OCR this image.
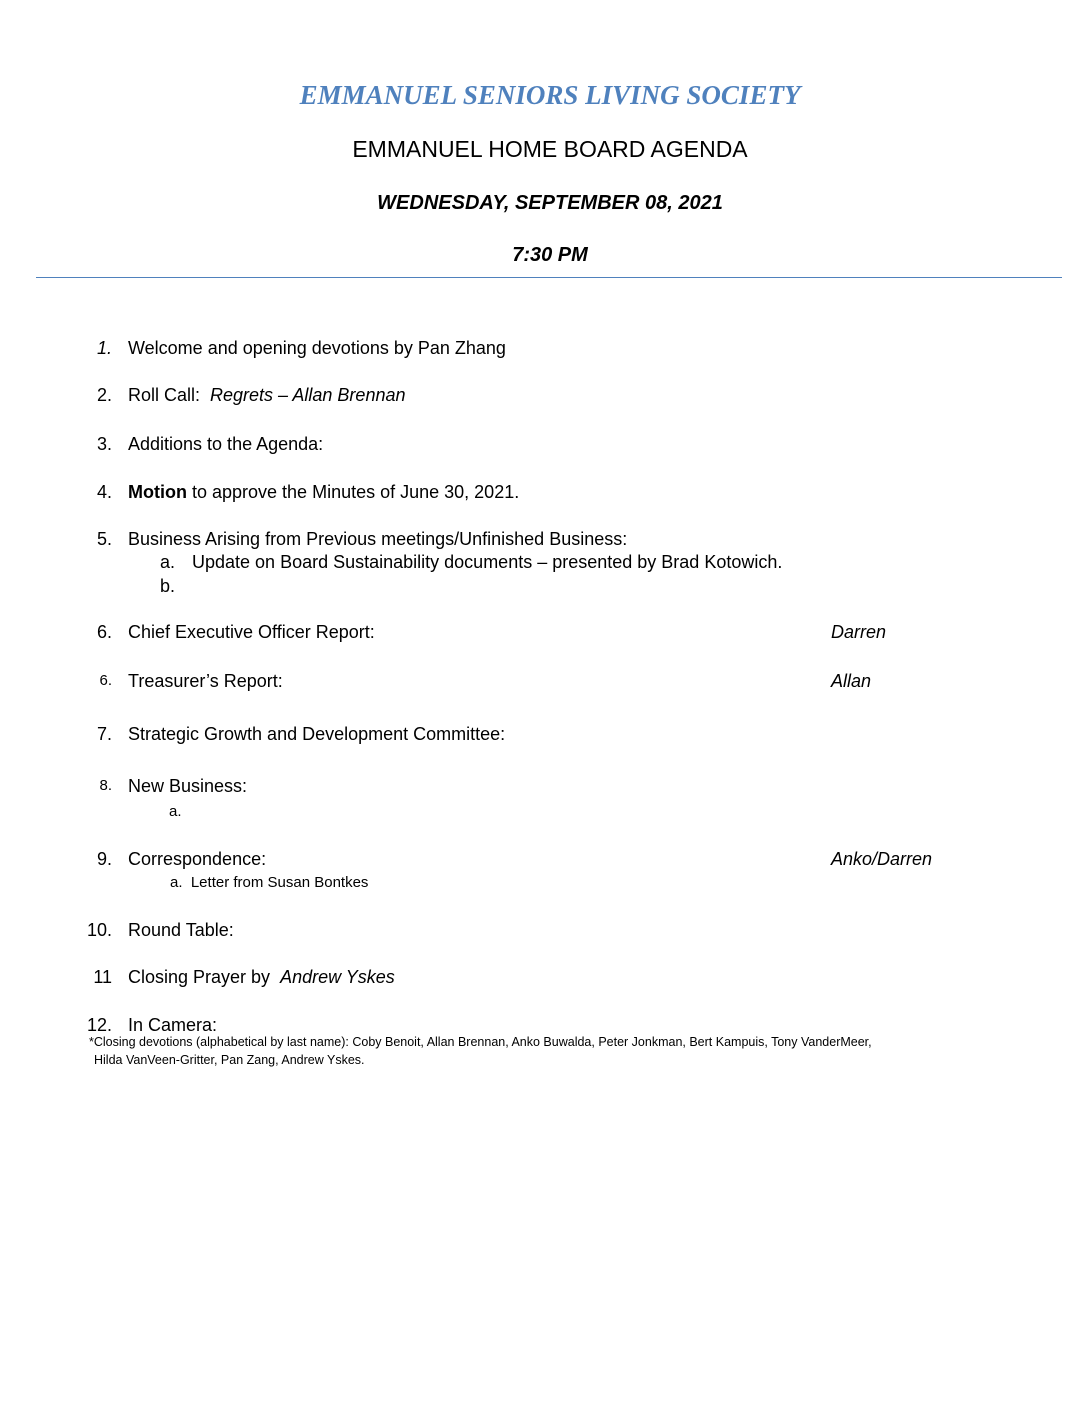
EMMANUEL SENIORS LIVING SOCIETY
EMMANUEL HOME BOARD AGENDA
WEDNESDAY, SEPTEMBER 08, 2021
7:30 PM
1. Welcome and opening devotions by Pan Zhang
2. Roll Call:  Regrets – Allan Brennan
3. Additions to the Agenda:
4. Motion to approve the Minutes of June 30, 2021.
5. Business Arising from Previous meetings/Unfinished Business:
a. Update on Board Sustainability documents – presented by Brad Kotowich.
b.
6. Chief Executive Officer Report:	Darren
6. Treasurer’s Report:	Allan
7. Strategic Growth and Development Committee:
8. New Business:
a.
9. Correspondence:	Anko/Darren
a.  Letter from Susan Bontkes
10. Round Table:
11 Closing Prayer by  Andrew Yskes
12. In Camera:
*Closing devotions (alphabetical by last name): Coby Benoit, Allan Brennan, Anko Buwalda, Peter Jonkman, Bert Kampuis, Tony VanderMeer,
Hilda VanVeen-Gritter, Pan Zang, Andrew Yskes.
